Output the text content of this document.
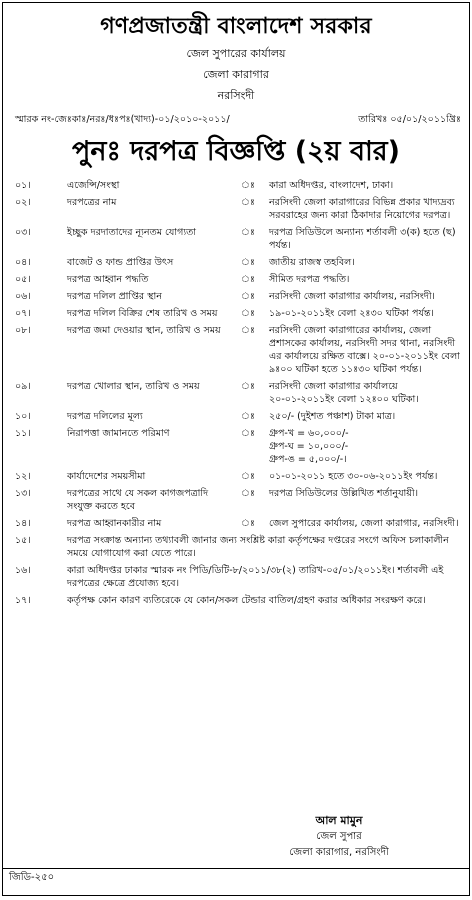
গণপ্রজাতন্ত্রী বাংলাদেশ সরকার
জেল সুপারের কার্যালয়
জেলা কারাগার
নরসিংদী
স্মারক নং-জেঃকাঃ/নরঃ/ধঃপঃ(খাদ্য)-০১/২০১০-২০১১/	তারিখঃ ০৫/০১/২০১১খ্রিঃ
পুনঃ দরপত্র বিজ্ঞপ্তি (২য় বার)
০১।	এজেন্সি/সংস্থা	ঃ	কারা অধিদপ্তর, বাংলাদেশ, ঢাকা।
০২।	দরপত্রের নাম	ঃ	নরসিংদী জেলা কারাগারের বিভিন্ন প্রকার খাদ্যদ্রব্য সরবরাহের জন্য কারা ঠিকাদার নিয়োগের দরপত্র।
০৩।	ইচ্ছুক দরদাতাদের ন্যূনতম যোগ্যতা	ঃ	দরপত্র সিডিউলে অন্যান্য শর্তাবলী ৩(ক) হতে (ছ) পর্যন্ত।
০৪।	বাজেট ও ফান্ড প্রাপ্তির উৎস	ঃ	জাতীয় রাজস্ব তহবিল।
০৫।	দরপত্র আহ্বান পদ্ধতি	ঃ	সীমিত দরপত্র পদ্ধতি।
০৬।	দরপত্র দলিল প্রাপ্তির স্থান	ঃ	নরসিংদী জেলা কারাগার কার্যালয়, নরসিংদী।
০৭।	দরপত্র দলিল বিক্রির শেষ তারিখ ও সময়	ঃ	১৯-০১-২০১১ইং বেলা ২ঃ৩০ ঘটিকা পর্যন্ত।
০৮।	দরপত্র জমা দেওয়ার স্থান, তারিখ ও সময়	ঃ	নরসিংদী জেলা কারাগারের কার্যালয়, জেলা প্রশাসকের কার্যালয়, নরসিংদী সদর থানা, নরসিংদী এর কার্যালয়ে রক্ষিত বাক্সে। ২০-০১-২০১১ইং বেলা ৯ঃ০০ ঘটিকা হতে ১১ঃ৩০ ঘটিকা পর্যন্ত।
০৯।	দরপত্র খোলার স্থান, তারিখ ও সময়	ঃ	নরসিংদী জেলা কারাগার কার্যালয়ে ২০-০১-২০১১ইং বেলা ১২ঃ০০ ঘটিকা।
১০।	দরপত্র দলিলের মূল্য	ঃ	২৫০/- (দুইশত পঞ্চাশ) টাকা মাত্র।
১১।	নিরাপত্তা জামানতে পরিমাণ	ঃ	গ্রুপ-খ = ৬০,০০০/-
গ্রুপ-ঘ = ১০,০০০/-
গ্রুপ-ঙ = ৫,০০০/-।
১২।	কার্যাদেশের সময়সীমা	ঃ	০১-০১-২০১১ হতে ৩০-০৬-২০১১ইং পর্যন্ত।
১৩।	দরপত্রের সাথে যে সকল কাগজপত্রাদি সংযুক্ত করতে হবে	ঃ	দরপত্র সিডিউলের উল্লিখিত শর্তানুযায়ী।
১৪।	দরপত্র আহ্বানকারীর নাম	ঃ	জেল সুপারের কার্যালয়, জেলা কারাগার, নরসিংদী।
১৫।	দরপত্র সংক্রান্ত অন্যান্য তথ্যাবলী জানার জন্য সংশ্লিষ্ট কারা কর্তৃপক্ষের দপ্তরের সংগে অফিস চলাকালীন সময়ে যোগাযোগ করা যেতে পারে।		
১৬।	কারা অধিদপ্তর ঢাকার স্মারক নং পিডি/ডিটি-৮/২০১১/৩৮(২) তারিখ-০৫/০১/২০১১ইং। শর্তাবলী এই দরপত্রের ক্ষেত্রে প্রযোজ্য হবে।		
১৭।	কর্তৃপক্ষ কোন কারণ ব্যতিরেকে যে কোন/সকল টেন্ডার বাতিল/গ্রহণ করার অধিকার সংরক্ষণ করে।		
আল মামুন
জেল সুপার
জেলা কারাগার, নরসিংদী
জিডি-২৫০
